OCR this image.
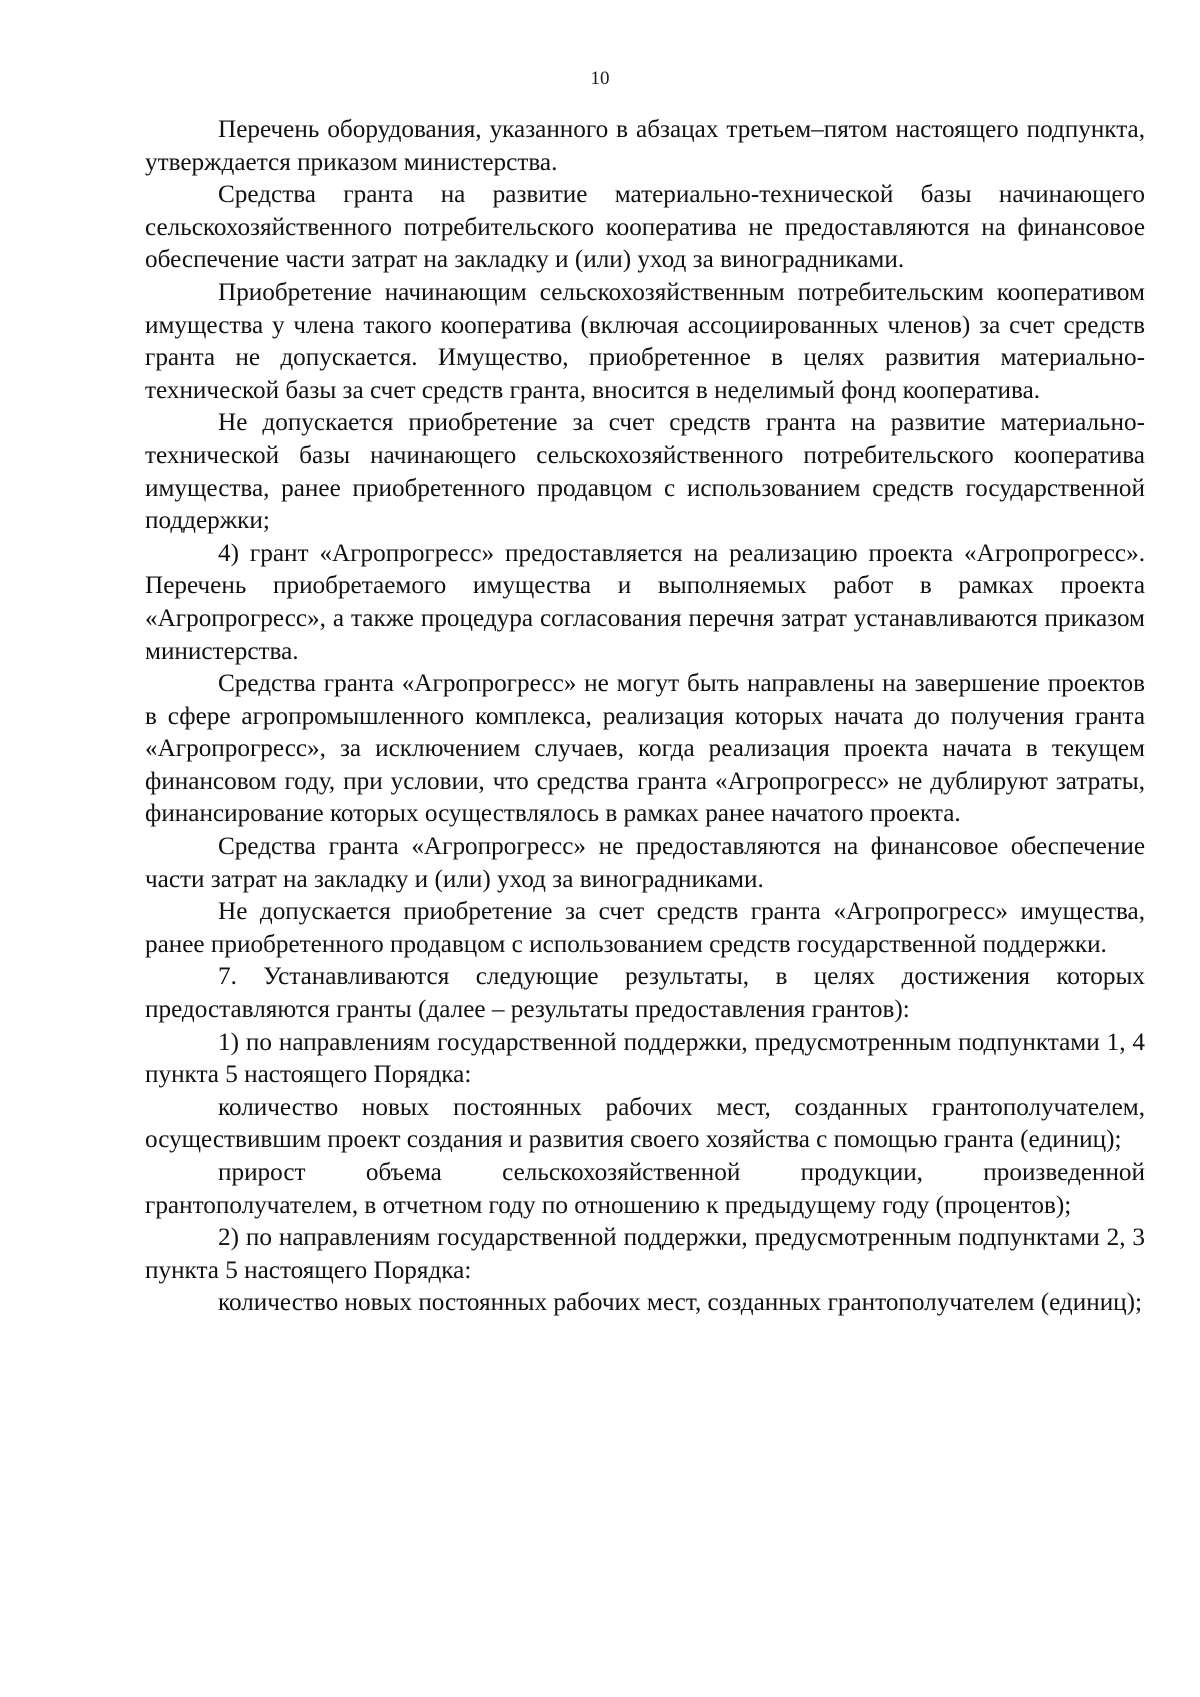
10

Перечень оборудования, указанного в абзацах третьем–пятом настоящего подпункта, утверждается приказом министерства.

Средства гранта на развитие материально-технической базы начинающего сельскохозяйственного потребительского кооператива не предоставляются на финансовое обеспечение части затрат на закладку и (или) уход за виноградниками.

Приобретение начинающим сельскохозяйственным потребительским кооперативом имущества у члена такого кооператива (включая ассоциированных членов) за счет средств гранта не допускается. Имущество, приобретенное в целях развития материально-технической базы за счет средств гранта, вносится в неделимый фонд кооператива.

Не допускается приобретение за счет средств гранта на развитие материально-технической базы начинающего сельскохозяйственного потребительского кооператива имущества, ранее приобретенного продавцом с использованием средств государственной поддержки;

4) грант «Агропрогресс» предоставляется на реализацию проекта «Агропрогресс». Перечень приобретаемого имущества и выполняемых работ в рамках проекта «Агропрогресс», а также процедура согласования перечня затрат устанавливаются приказом министерства.

Средства гранта «Агропрогресс» не могут быть направлены на завершение проектов в сфере агропромышленного комплекса, реализация которых начата до получения гранта «Агропрогресс», за исключением случаев, когда реализация проекта начата в текущем финансовом году, при условии, что средства гранта «Агропрогресс» не дублируют затраты, финансирование которых осуществлялось в рамках ранее начатого проекта.

Средства гранта «Агропрогресс» не предоставляются на финансовое обеспечение части затрат на закладку и (или) уход за виноградниками.

Не допускается приобретение за счет средств гранта «Агропрогресс» имущества, ранее приобретенного продавцом с использованием средств государственной поддержки.

7. Устанавливаются следующие результаты, в целях достижения которых предоставляются гранты (далее – результаты предоставления грантов):

1) по направлениям государственной поддержки, предусмотренным подпунктами 1, 4 пункта 5 настоящего Порядка:

количество новых постоянных рабочих мест, созданных грантополучателем, осуществившим проект создания и развития своего хозяйства с помощью гранта (единиц);

прирост объема сельскохозяйственной продукции, произведенной грантополучателем, в отчетном году по отношению к предыдущему году (процентов);

2) по направлениям государственной поддержки, предусмотренным подпунктами 2, 3 пункта 5 настоящего Порядка:

количество новых постоянных рабочих мест, созданных грантополучателем (единиц);
